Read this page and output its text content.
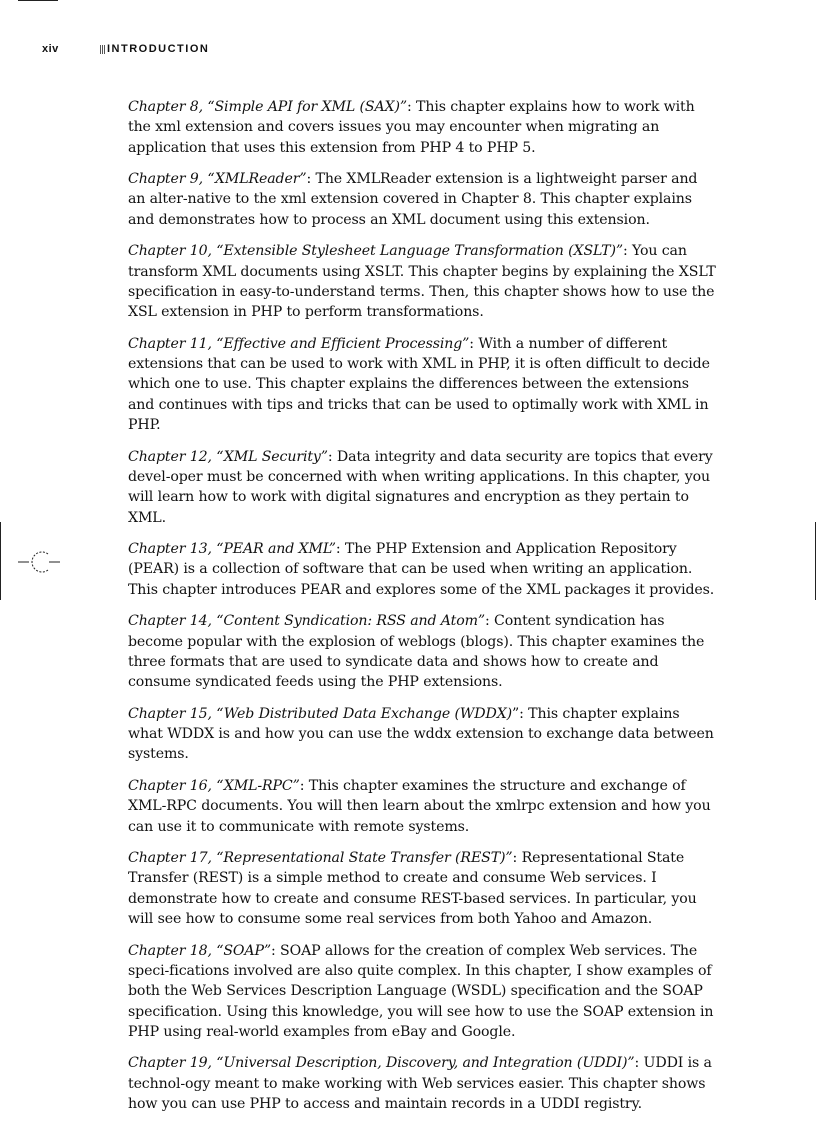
xiv	INTRODUCTION

Chapter 8, “Simple API for XML (SAX)”: This chapter explains how to work with the xml extension and covers issues you may encounter when migrating an application that uses this extension from PHP 4 to PHP 5.

Chapter 9, “XMLReader”: The XMLReader extension is a lightweight parser and an alter-native to the xml extension covered in Chapter 8. This chapter explains and demonstrates how to process an XML document using this extension.

Chapter 10, “Extensible Stylesheet Language Transformation (XSLT)”: You can transform XML documents using XSLT. This chapter begins by explaining the XSLT specification in easy-to-understand terms. Then, this chapter shows how to use the XSL extension in PHP to perform transformations.

Chapter 11, “Effective and Efficient Processing”: With a number of different extensions that can be used to work with XML in PHP, it is often difficult to decide which one to use. This chapter explains the differences between the extensions and continues with tips and tricks that can be used to optimally work with XML in PHP.

Chapter 12, “XML Security”: Data integrity and data security are topics that every devel-oper must be concerned with when writing applications. In this chapter, you will learn how to work with digital signatures and encryption as they pertain to XML.

Chapter 13, “PEAR and XML”: The PHP Extension and Application Repository (PEAR) is a collection of software that can be used when writing an application. This chapter introduces PEAR and explores some of the XML packages it provides.

Chapter 14, “Content Syndication: RSS and Atom”: Content syndication has become popular with the explosion of weblogs (blogs). This chapter examines the three formats that are used to syndicate data and shows how to create and consume syndicated feeds using the PHP extensions.

Chapter 15, “Web Distributed Data Exchange (WDDX)”: This chapter explains what WDDX is and how you can use the wddx extension to exchange data between systems.

Chapter 16, “XML-RPC”: This chapter examines the structure and exchange of XML-RPC documents. You will then learn about the xmlrpc extension and how you can use it to communicate with remote systems.

Chapter 17, “Representational State Transfer (REST)”: Representational State Transfer (REST) is a simple method to create and consume Web services. I demonstrate how to create and consume REST-based services. In particular, you will see how to consume some real services from both Yahoo and Amazon.

Chapter 18, “SOAP”: SOAP allows for the creation of complex Web services. The speci-fications involved are also quite complex. In this chapter, I show examples of both the Web Services Description Language (WSDL) specification and the SOAP specification. Using this knowledge, you will see how to use the SOAP extension in PHP using real-world examples from eBay and Google.

Chapter 19, “Universal Description, Discovery, and Integration (UDDI)”: UDDI is a technol-ogy meant to make working with Web services easier. This chapter shows how you can use PHP to access and maintain records in a UDDI registry.
